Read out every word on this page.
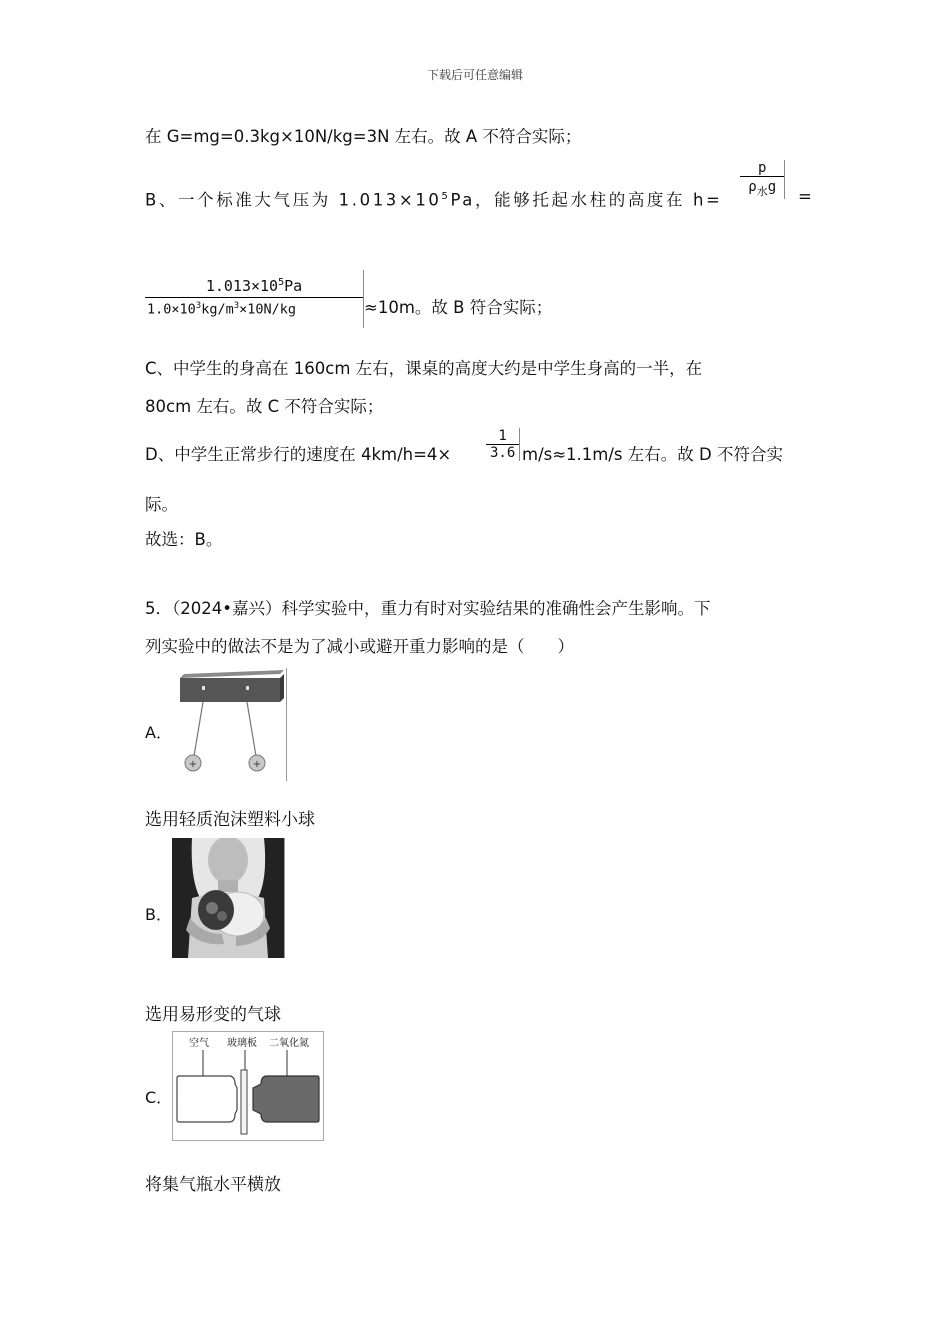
下载后可任意编辑
在 G=mg=0.3kg×10N/kg=3N 左右。故 A 不符合实际；
B、一个标准大气压为 $1.013\times 10^5Pa$，能够托起水柱的高度在 h=
$\frac{p}{\rho_水g}$ =
$1.013\times 10^5Pa$
$1.0\times 10^3kg/m^3\times 10N/kg$	≈10m。故 B 符合实际；
C、中学生的身高在 160cm 左右，课桌的高度大约是中学生身高的一半，在
80cm 左右。故 C 不符合实际；
D、中学生正常步行的速度在 $4km/h=4\times \frac{1}{3.6} m/s\approx 1.1m/s$ 左右。故 D 不符合实
际。
故选：B。
5．（2024•嘉兴）科学实验中，重力有时对实验结果的准确性会产生影响。下
列实验中的做法不是为了减小或避开重力影响的是（　　）
A．
+	+
选用轻质泡沫塑料小球
B．
选用易形变的气球
C．
空气 玻璃板 二氧化氮
将集气瓶水平横放
